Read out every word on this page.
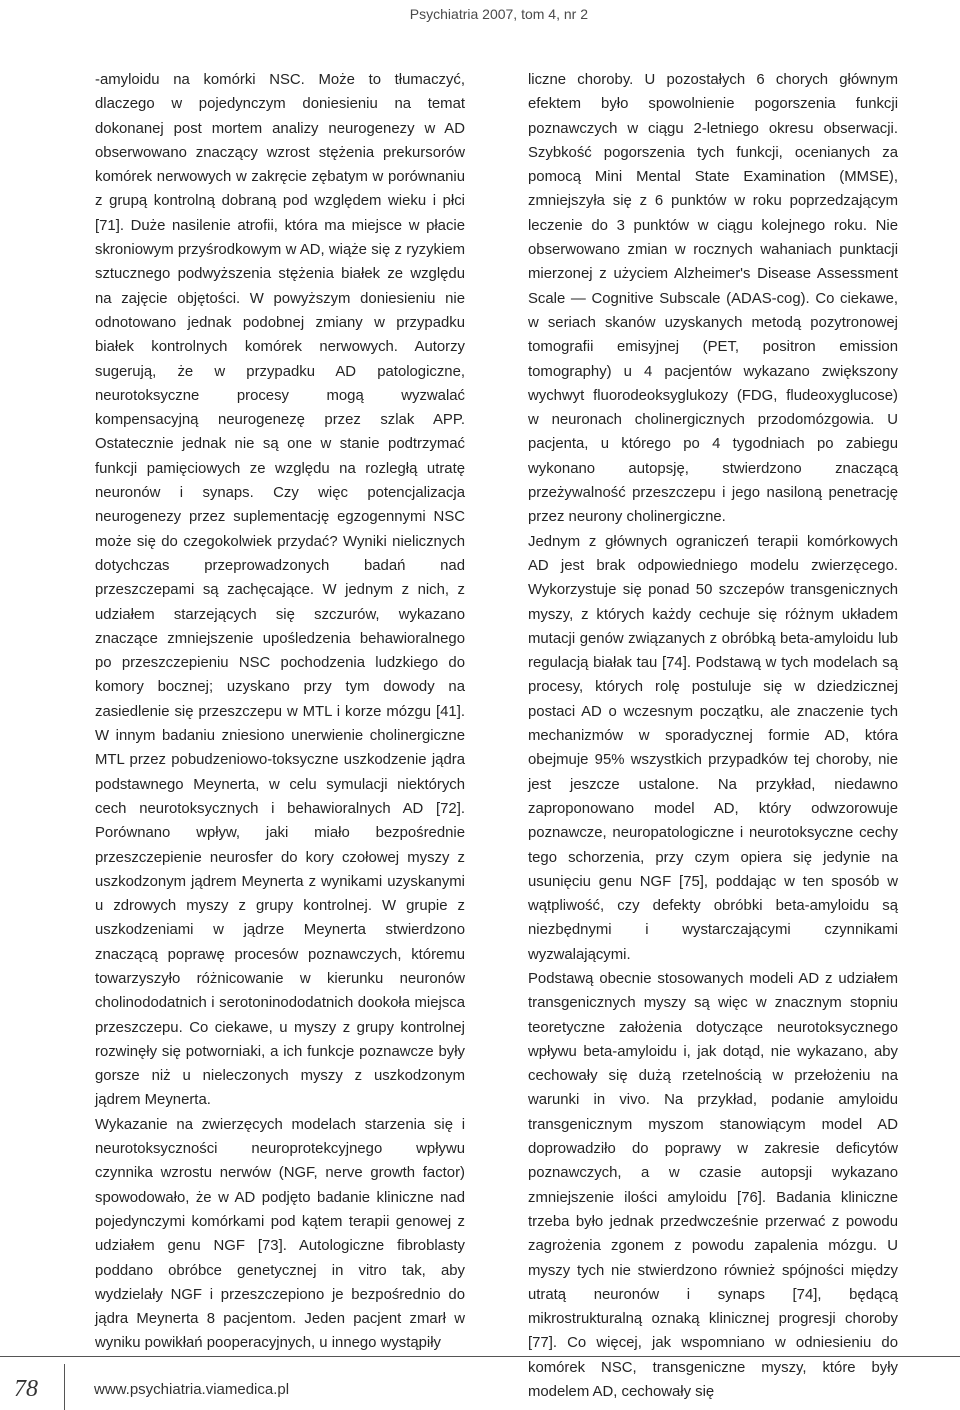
Psychiatria 2007, tom 4, nr 2

-amyloidu na komórki NSC. Może to tłumaczyć, dlaczego w pojedynczym doniesieniu na temat dokonanej post mortem analizy neurogenezy w AD obserwowano znaczący wzrost stężenia prekursorów komórek nerwowych w zakręcie zębatym w porównaniu z grupą kontrolną dobraną pod względem wieku i płci [71]. Duże nasilenie atrofii, która ma miejsce w płacie skroniowym przyśrodkowym w AD, wiąże się z ryzykiem sztucznego podwyższenia stężenia białek ze względu na zajęcie objętości. W powyższym doniesieniu nie odnotowano jednak podobnej zmiany w przypadku białek kontrolnych komórek nerwowych. Autorzy sugerują, że w przypadku AD patologiczne, neurotoksyczne procesy mogą wyzwalać kompensacyjną neurogenezę przez szlak APP. Ostatecznie jednak nie są one w stanie podtrzymać funkcji pamięciowych ze względu na rozległą utratę neuronów i synaps. Czy więc potencjalizacja neurogenezy przez suplementację egzogennymi NSC może się do czegokolwiek przydać? Wyniki nielicznych dotychczas przeprowadzonych badań nad przeszczepami są zachęcające. W jednym z nich, z udziałem starzejących się szczurów, wykazano znaczące zmniejszenie upośledzenia behawioralnego po przeszczepieniu NSC pochodzenia ludzkiego do komory bocznej; uzyskano przy tym dowody na zasiedlenie się przeszczepu w MTL i korze mózgu [41]. W innym badaniu zniesiono unerwienie cholinergiczne MTL przez pobudzeniowo-toksyczne uszkodzenie jądra podstawnego Meynerta, w celu symulacji niektórych cech neurotoksycznych i behawioralnych AD [72]. Porównano wpływ, jaki miało bezpośrednie przeszczepienie neurosfer do kory czołowej myszy z uszkodzonym jądrem Meynerta z wynikami uzyskanymi u zdrowych myszy z grupy kontrolnej. W grupie z uszkodzeniami w jądrze Meynerta stwierdzono znaczącą poprawę procesów poznawczych, któremu towarzyszyło różnicowanie w kierunku neuronów cholinododatnich i serotoninododatnich dookoła miejsca przeszczepu. Co ciekawe, u myszy z grupy kontrolnej rozwinęły się potworniaki, a ich funkcje poznawcze były gorsze niż u nieleczonych myszy z uszkodzonym jądrem Meynerta.

Wykazanie na zwierzęcych modelach starzenia się i neurotoksyczności neuroprotekcyjnego wpływu czynnika wzrostu nerwów (NGF, nerve growth factor) spowodowało, że w AD podjęto badanie kliniczne nad pojedynczymi komórkami pod kątem terapii genowej z udziałem genu NGF [73]. Autologiczne fibroblasty poddano obróbce genetycznej in vitro tak, aby wydzielały NGF i przeszczepiono je bezpośrednio do jądra Meynerta 8 pacjentom. Jeden pacjent zmarł w wyniku powikłań pooperacyjnych, u innego wystąpiły

liczne choroby. U pozostałych 6 chorych głównym efektem było spowolnienie pogorszenia funkcji poznawczych w ciągu 2-letniego okresu obserwacji. Szybkość pogorszenia tych funkcji, ocenianych za pomocą Mini Mental State Examination (MMSE), zmniejszyła się z 6 punktów w roku poprzedzającym leczenie do 3 punktów w ciągu kolejnego roku. Nie obserwowano zmian w rocznych wahaniach punktacji mierzonej z użyciem Alzheimer's Disease Assessment Scale — Cognitive Subscale (ADAS-cog). Co ciekawe, w seriach skanów uzyskanych metodą pozytronowej tomografii emisyjnej (PET, positron emission tomography) u 4 pacjentów wykazano zwiększony wychwyt fluorodeoksyglukozy (FDG, fludeoxyglucose) w neuronach cholinergicznych przodomózgowia. U pacjenta, u którego po 4 tygodniach po zabiegu wykonano autopsję, stwierdzono znaczącą przeżywalność przeszczepu i jego nasiloną penetrację przez neurony cholinergiczne.

Jednym z głównych ograniczeń terapii komórkowych AD jest brak odpowiedniego modelu zwierzęcego. Wykorzystuje się ponad 50 szczepów transgenicznych myszy, z których każdy cechuje się różnym układem mutacji genów związanych z obróbką beta-amyloidu lub regulacją białak tau [74]. Podstawą w tych modelach są procesy, których rolę postuluje się w dziedzicznej postaci AD o wczesnym początku, ale znaczenie tych mechanizmów w sporadycznej formie AD, która obejmuje 95% wszystkich przypadków tej choroby, nie jest jeszcze ustalone. Na przykład, niedawno zaproponowano model AD, który odwzorowuje poznawcze, neuropatologiczne i neurotoksyczne cechy tego schorzenia, przy czym opiera się jedynie na usunięciu genu NGF [75], poddając w ten sposób w wątpliwość, czy defekty obróbki beta-amyloidu są niezbędnymi i wystarczającymi czynnikami wyzwalającymi.

Podstawą obecnie stosowanych modeli AD z udziałem transgenicznych myszy są więc w znacznym stopniu teoretyczne założenia dotyczące neurotoksycznego wpływu beta-amyloidu i, jak dotąd, nie wykazano, aby cechowały się dużą rzetelnością w przełożeniu na warunki in vivo. Na przykład, podanie amyloidu transgenicznym myszom stanowiącym model AD doprowadziło do poprawy w zakresie deficytów poznawczych, a w czasie autopsji wykazano zmniejszenie ilości amyloidu [76]. Badania kliniczne trzeba było jednak przedwcześnie przerwać z powodu zagrożenia zgonem z powodu zapalenia mózgu. U myszy tych nie stwierdzono również spójności między utratą neuronów i synaps [74], będącą mikrostrukturalną oznaką klinicznej progresji choroby [77]. Co więcej, jak wspomniano w odniesieniu do komórek NSC, transgeniczne myszy, które były modelem AD, cechowały się

78	www.psychiatria.viamedica.pl
